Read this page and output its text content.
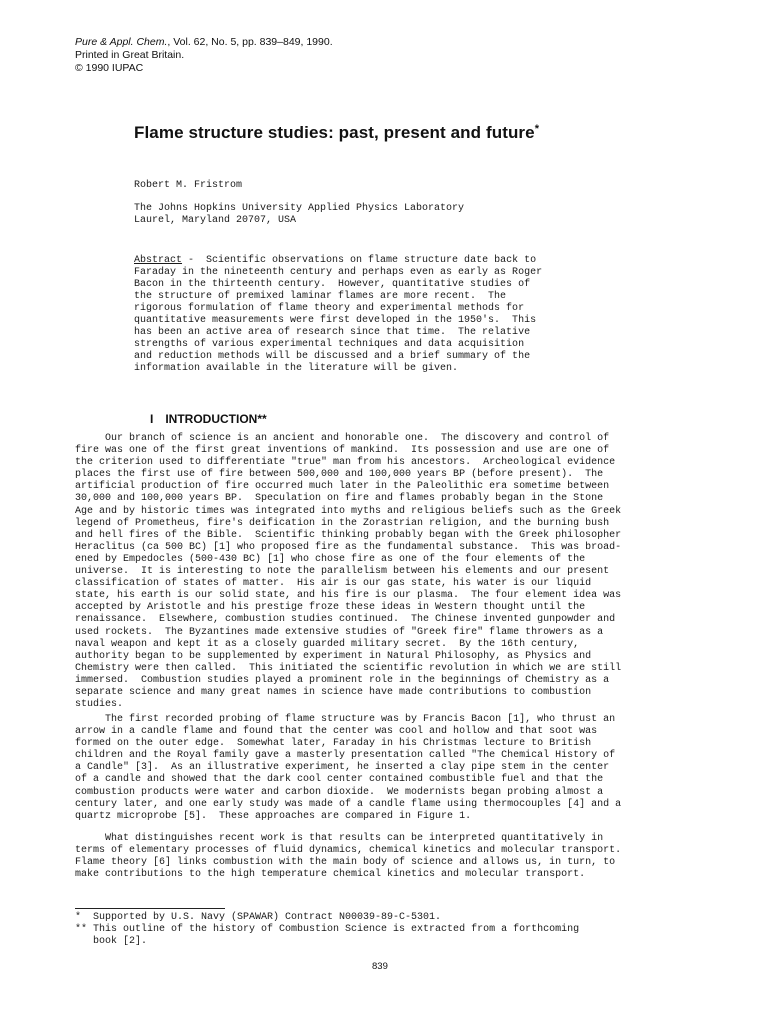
Pure & Appl. Chem., Vol. 62, No. 5, pp. 839–849, 1990.
Printed in Great Britain.
© 1990 IUPAC
Flame structure studies: past, present and future*
Robert M. Fristrom
The Johns Hopkins University Applied Physics Laboratory
Laurel, Maryland 20707, USA
Abstract -  Scientific observations on flame structure date back to
Faraday in the nineteenth century and perhaps even as early as Roger
Bacon in the thirteenth century.  However, quantitative studies of
the structure of premixed laminar flames are more recent.  The
rigorous formulation of flame theory and experimental methods for
quantitative measurements were first developed in the 1950's.  This
has been an active area of research since that time.  The relative
strengths of various experimental techniques and data acquisition
and reduction methods will be discussed and a brief summary of the
information available in the literature will be given.
I INTRODUCTION**
Our branch of science is an ancient and honorable one.  The discovery and control of
fire was one of the first great inventions of mankind.  Its possession and use are one of
the criterion used to differentiate "true" man from his ancestors.  Archeological evidence
places the first use of fire between 500,000 and 100,000 years BP (before present).  The
artificial production of fire occurred much later in the Paleolithic era sometime between
30,000 and 100,000 years BP.  Speculation on fire and flames probably began in the Stone
Age and by historic times was integrated into myths and religious beliefs such as the Greek
legend of Prometheus, fire's deification in the Zorastrian religion, and the burning bush
and hell fires of the Bible.  Scientific thinking probably began with the Greek philosopher
Heraclitus (ca 500 BC) [1] who proposed fire as the fundamental substance.  This was broad-
ened by Empedocles (500-430 BC) [1] who chose fire as one of the four elements of the
universe.  It is interesting to note the parallelism between his elements and our present
classification of states of matter.  His air is our gas state, his water is our liquid
state, his earth is our solid state, and his fire is our plasma.  The four element idea was
accepted by Aristotle and his prestige froze these ideas in Western thought until the
renaissance.  Elsewhere, combustion studies continued.  The Chinese invented gunpowder and
used rockets.  The Byzantines made extensive studies of "Greek fire" flame throwers as a
naval weapon and kept it as a closely guarded military secret.  By the 16th century,
authority began to be supplemented by experiment in Natural Philosophy, as Physics and
Chemistry were then called.  This initiated the scientific revolution in which we are still
immersed.  Combustion studies played a prominent role in the beginnings of Chemistry as a
separate science and many great names in science have made contributions to combustion
studies.
The first recorded probing of flame structure was by Francis Bacon [1], who thrust an
arrow in a candle flame and found that the center was cool and hollow and that soot was
formed on the outer edge.  Somewhat later, Faraday in his Christmas lecture to British
children and the Royal family gave a masterly presentation called "The Chemical History of
a Candle" [3].  As an illustrative experiment, he inserted a clay pipe stem in the center
of a candle and showed that the dark cool center contained combustible fuel and that the
combustion products were water and carbon dioxide.  We modernists began probing almost a
century later, and one early study was made of a candle flame using thermocouples [4] and a
quartz microprobe [5].  These approaches are compared in Figure 1.
What distinguishes recent work is that results can be interpreted quantitatively in
terms of elementary processes of fluid dynamics, chemical kinetics and molecular transport.
Flame theory [6] links combustion with the main body of science and allows us, in turn, to
make contributions to the high temperature chemical kinetics and molecular transport.
*  Supported by U.S. Navy (SPAWAR) Contract N00039-89-C-5301.
** This outline of the history of Combustion Science is extracted from a forthcoming
book [2].
839
